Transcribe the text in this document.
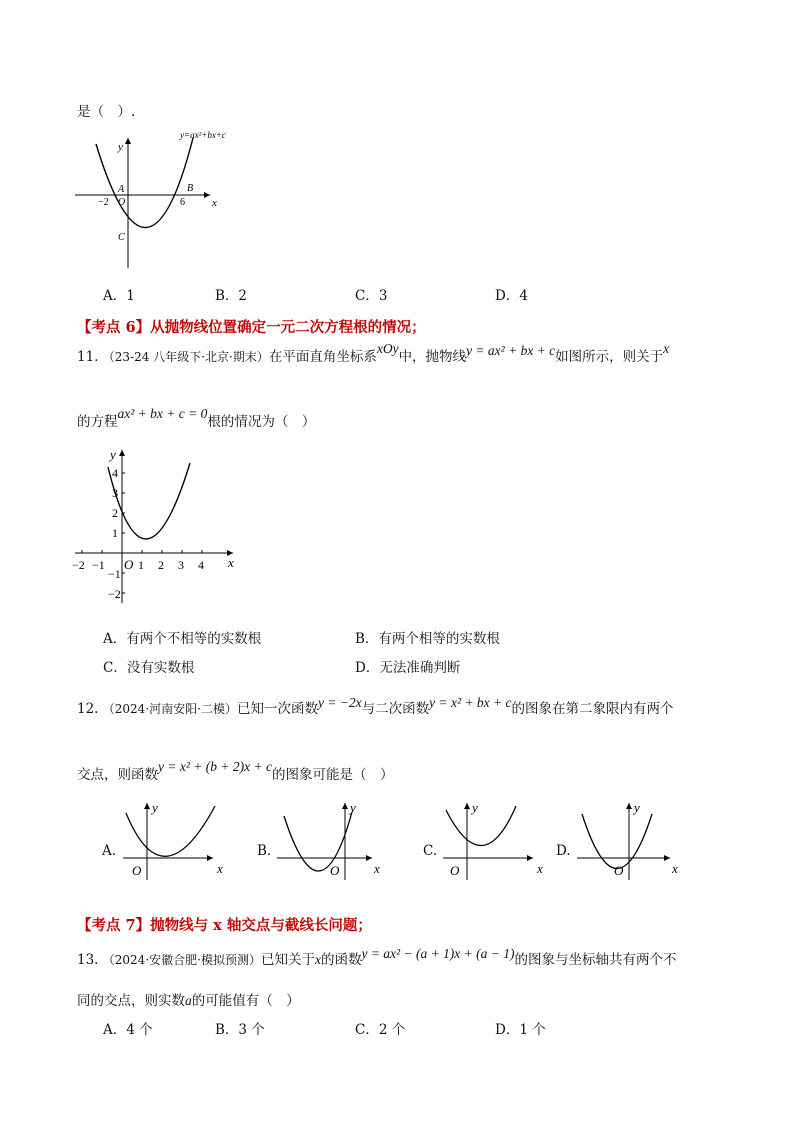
是（　）.
x
y
O
A	B
C
−2	6
y=ax²+bx+c
A．1	B．2	C．3	D．4
【考点 6】从抛物线位置确定一元二次方程根的情况；
11. （23-24 八年级下·北京·期末）在平面直角坐标系xOy中，抛物线y = ax² + bx + c如图所示，则关于x
的方程ax² + bx + c = 0根的情况为（　）
−2 −1	1 2 3 4
4
3
2
1
−1
−2
O	x
y
A．有两个不相等的实数根	B．有两个相等的实数根
C．没有实数根	D．无法准确判断
12. （2024·河南安阳·二模）已知一次函数y = −2x与二次函数y = x² + bx + c的图象在第二象限内有两个
交点，则函数y = x² + (b + 2)x + c的图象可能是（　）
A.
x
y
O
B.
x
y
O
C.
x
y
O
D.
x
y
O
【考点 7】抛物线与 x 轴交点与截线长问题；
13. （2024·安徽合肥·模拟预测）已知关于x的函数y = ax² − (a + 1)x + (a − 1)的图象与坐标轴共有两个不
同的交点，则实数a的可能值有（　）
A．4 个	B．3 个	C．2 个	D．1 个
